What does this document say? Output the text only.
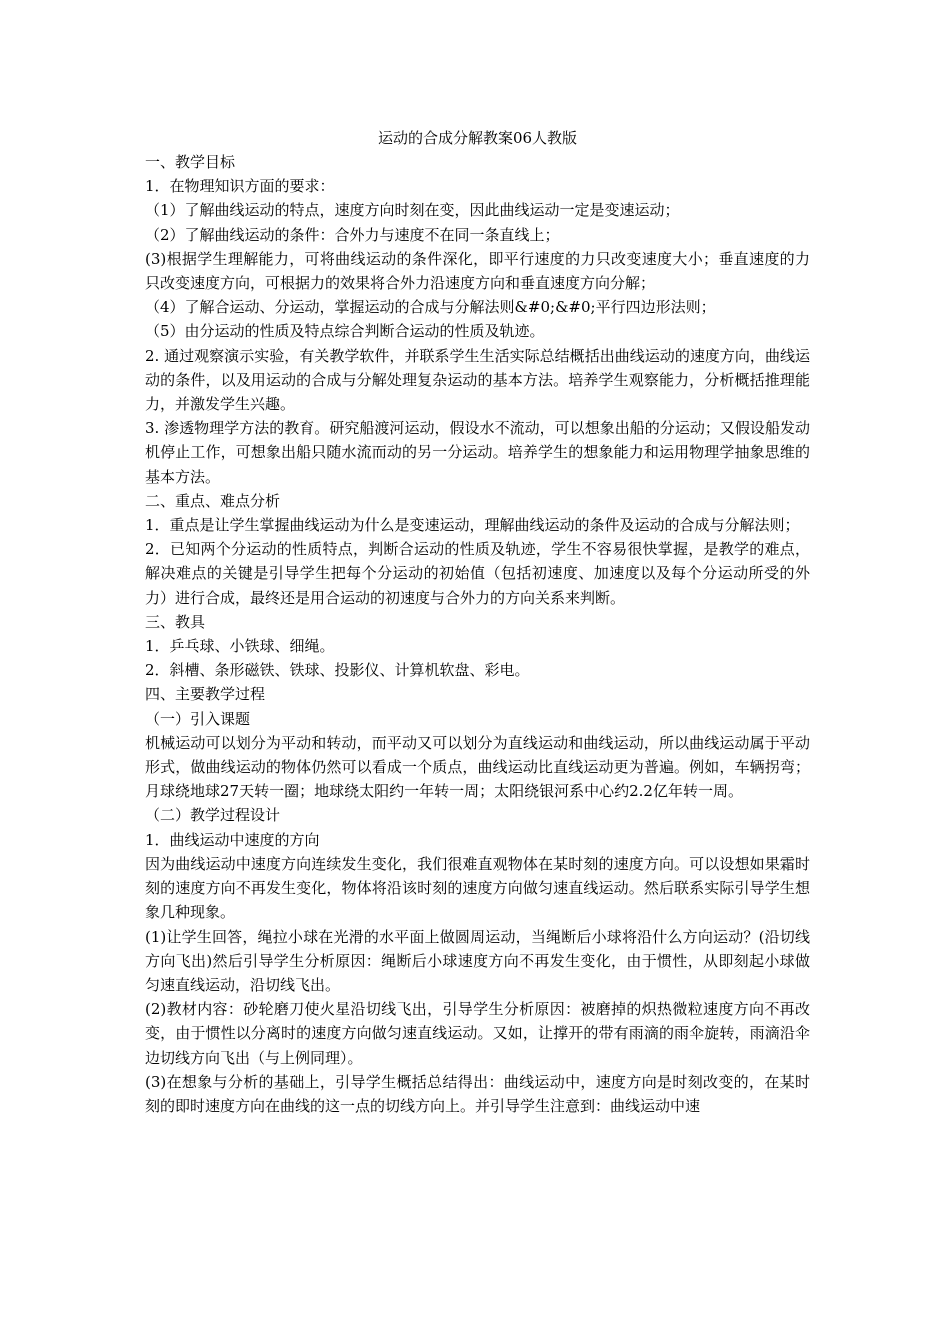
运动的合成分解教案06人教版

一、教学目标

1．在物理知识方面的要求：

（1）了解曲线运动的特点，速度方向时刻在变，因此曲线运动一定是变速运动；

（2）了解曲线运动的条件：合外力与速度不在同一条直线上；

(3)根据学生理解能力，可将曲线运动的条件深化，即平行速度的力只改变速度大小；垂直速度的力只改变速度方向，可根据力的效果将合外力沿速度方向和垂直速度方向分解；

（4）了解合运动、分运动，掌握运动的合成与分解法则&#0;&#0;平行四边形法则；

（5）由分运动的性质及特点综合判断合运动的性质及轨迹。

2. 通过观察演示实验，有关教学软件，并联系学生生活实际总结概括出曲线运动的速度方向，曲线运动的条件，以及用运动的合成与分解处理复杂运动的基本方法。培养学生观察能力，分析概括推理能力，并激发学生兴趣。

3. 渗透物理学方法的教育。研究船渡河运动，假设水不流动，可以想象出船的分运动；又假设船发动机停止工作，可想象出船只随水流而动的另一分运动。培养学生的想象能力和运用物理学抽象思维的基本方法。

二、重点、难点分析

1．重点是让学生掌握曲线运动为什么是变速运动，理解曲线运动的条件及运动的合成与分解法则；

2．已知两个分运动的性质特点，判断合运动的性质及轨迹，学生不容易很快掌握，是教学的难点，解决难点的关键是引导学生把每个分运动的初始值（包括初速度、加速度以及每个分运动所受的外力）进行合成，最终还是用合运动的初速度与合外力的方向关系来判断。

三、教具

1．乒乓球、小铁球、细绳。

2．斜槽、条形磁铁、铁球、投影仪、计算机软盘、彩电。

四、主要教学过程

（一）引入课题

机械运动可以划分为平动和转动，而平动又可以划分为直线运动和曲线运动，所以曲线运动属于平动形式，做曲线运动的物体仍然可以看成一个质点，曲线运动比直线运动更为普遍。例如，车辆拐弯；月球绕地球27天转一圈；地球绕太阳约一年转一周；太阳绕银河系中心约2.2亿年转一周。

（二）教学过程设计

1．曲线运动中速度的方向

因为曲线运动中速度方向连续发生变化，我们很难直观物体在某时刻的速度方向。可以设想如果霜时刻的速度方向不再发生变化，物体将沿该时刻的速度方向做匀速直线运动。然后联系实际引导学生想象几种现象。

(1)让学生回答，绳拉小球在光滑的水平面上做圆周运动，当绳断后小球将沿什么方向运动？(沿切线方向飞出)然后引导学生分析原因：绳断后小球速度方向不再发生变化，由于惯性，从即刻起小球做匀速直线运动，沿切线飞出。

(2)教材内容：砂轮磨刀使火星沿切线飞出，引导学生分析原因：被磨掉的炽热微粒速度方向不再改变，由于惯性以分离时的速度方向做匀速直线运动。又如，让撑开的带有雨滴的雨伞旋转，雨滴沿伞边切线方向飞出（与上例同理）。

(3)在想象与分析的基础上，引导学生概括总结得出：曲线运动中，速度方向是时刻改变的，在某时刻的即时速度方向在曲线的这一点的切线方向上。并引导学生注意到：曲线运动中速
